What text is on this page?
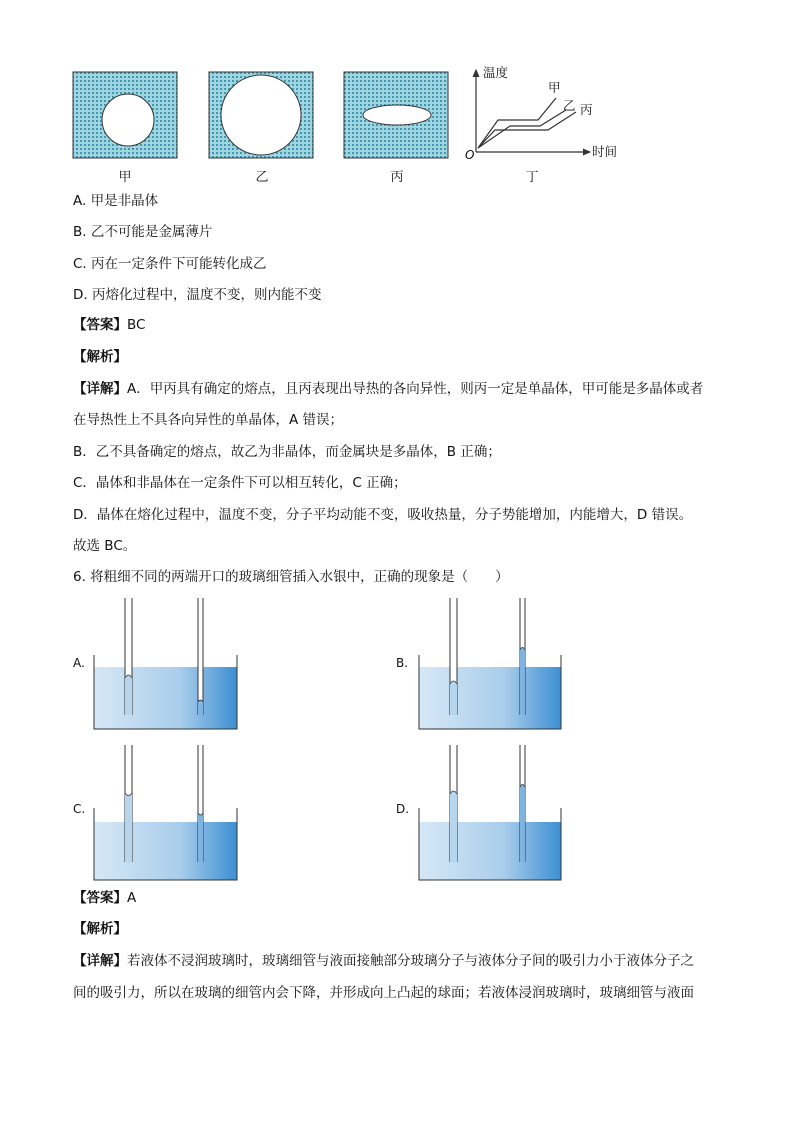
温度
时间
O
甲
乙 丙
甲	乙	丙	丁
A. 甲是非晶体
B. 乙不可能是金属薄片
C. 丙在一定条件下可能转化成乙
D. 丙熔化过程中，温度不变，则内能不变
【答案】BC
【解析】
【详解】A．甲丙具有确定的熔点，且丙表现出导热的各向异性，则丙一定是单晶体，甲可能是多晶体或者
在导热性上不具各向异性的单晶体，A 错误；
B．乙不具备确定的熔点，故乙为非晶体，而金属块是多晶体，B 正确；
C．晶体和非晶体在一定条件下可以相互转化，C 正确；
D．晶体在熔化过程中，温度不变，分子平均动能不变，吸收热量，分子势能增加，内能增大，D 错误。
故选 BC。
6. 将粗细不同的两端开口的玻璃细管插入水银中，正确的现象是（　　）
A.	B.
C.	D.
【答案】A
【解析】
【详解】若液体不浸润玻璃时，玻璃细管与液面接触部分玻璃分子与液体分子间的吸引力小于液体分子之
间的吸引力，所以在玻璃的细管内会下降，并形成向上凸起的球面；若液体浸润玻璃时，玻璃细管与液面
